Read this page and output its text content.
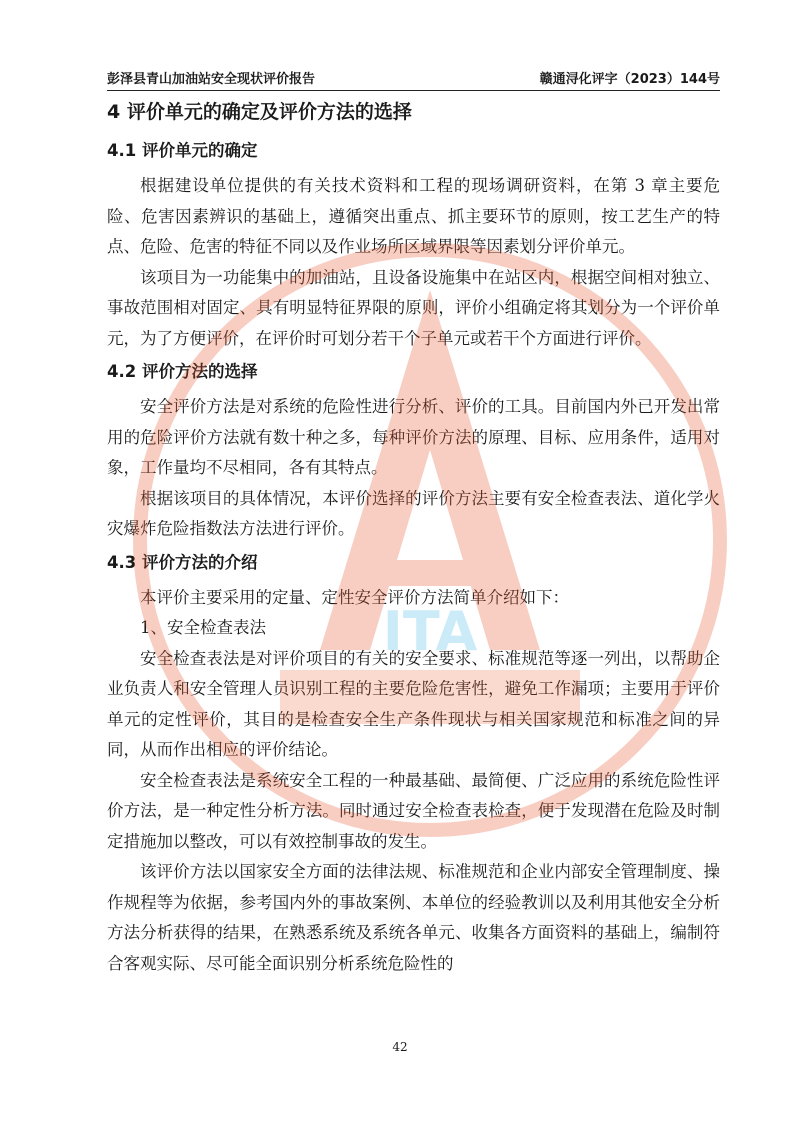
彭泽县青山加油站安全现状评价报告	赣通浔化评字（2023）144号
4 评价单元的确定及评价方法的选择
4.1 评价单元的确定

根据建设单位提供的有关技术资料和工程的现场调研资料，在第 3 章主要危险、危害因素辨识的基础上，遵循突出重点、抓主要环节的原则，按工艺生产的特点、危险、危害的特征不同以及作业场所区域界限等因素划分评价单元。

该项目为一功能集中的加油站，且设备设施集中在站区内，根据空间相对独立、事故范围相对固定、具有明显特征界限的原则，评价小组确定将其划分为一个评价单元，为了方便评价，在评价时可划分若干个子单元或若干个方面进行评价。

4.2 评价方法的选择

安全评价方法是对系统的危险性进行分析、评价的工具。目前国内外已开发出常用的危险评价方法就有数十种之多，每种评价方法的原理、目标、应用条件，适用对象，工作量均不尽相同，各有其特点。

根据该项目的具体情况，本评价选择的评价方法主要有安全检查表法、道化学火灾爆炸危险指数法方法进行评价。

4.3 评价方法的介绍

本评价主要采用的定量、定性安全评价方法简单介绍如下：

1、安全检查表法

安全检查表法是对评价项目的有关的安全要求、标准规范等逐一列出，以帮助企业负责人和安全管理人员识别工程的主要危险危害性，避免工作漏项；主要用于评价单元的定性评价，其目的是检查安全生产条件现状与相关国家规范和标准之间的异同，从而作出相应的评价结论。

安全检查表法是系统安全工程的一种最基础、最简便、广泛应用的系统危险性评价方法，是一种定性分析方法。同时通过安全检查表检查，便于发现潜在危险及时制定措施加以整改，可以有效控制事故的发生。

该评价方法以国家安全方面的法律法规、标准规范和企业内部安全管理制度、操作规程等为依据，参考国内外的事故案例、本单位的经验教训以及利用其他安全分析方法分析获得的结果，在熟悉系统及系统各单元、收集各方面资料的基础上，编制符合客观实际、尽可能全面识别分析系统危险性的

ITA
42
